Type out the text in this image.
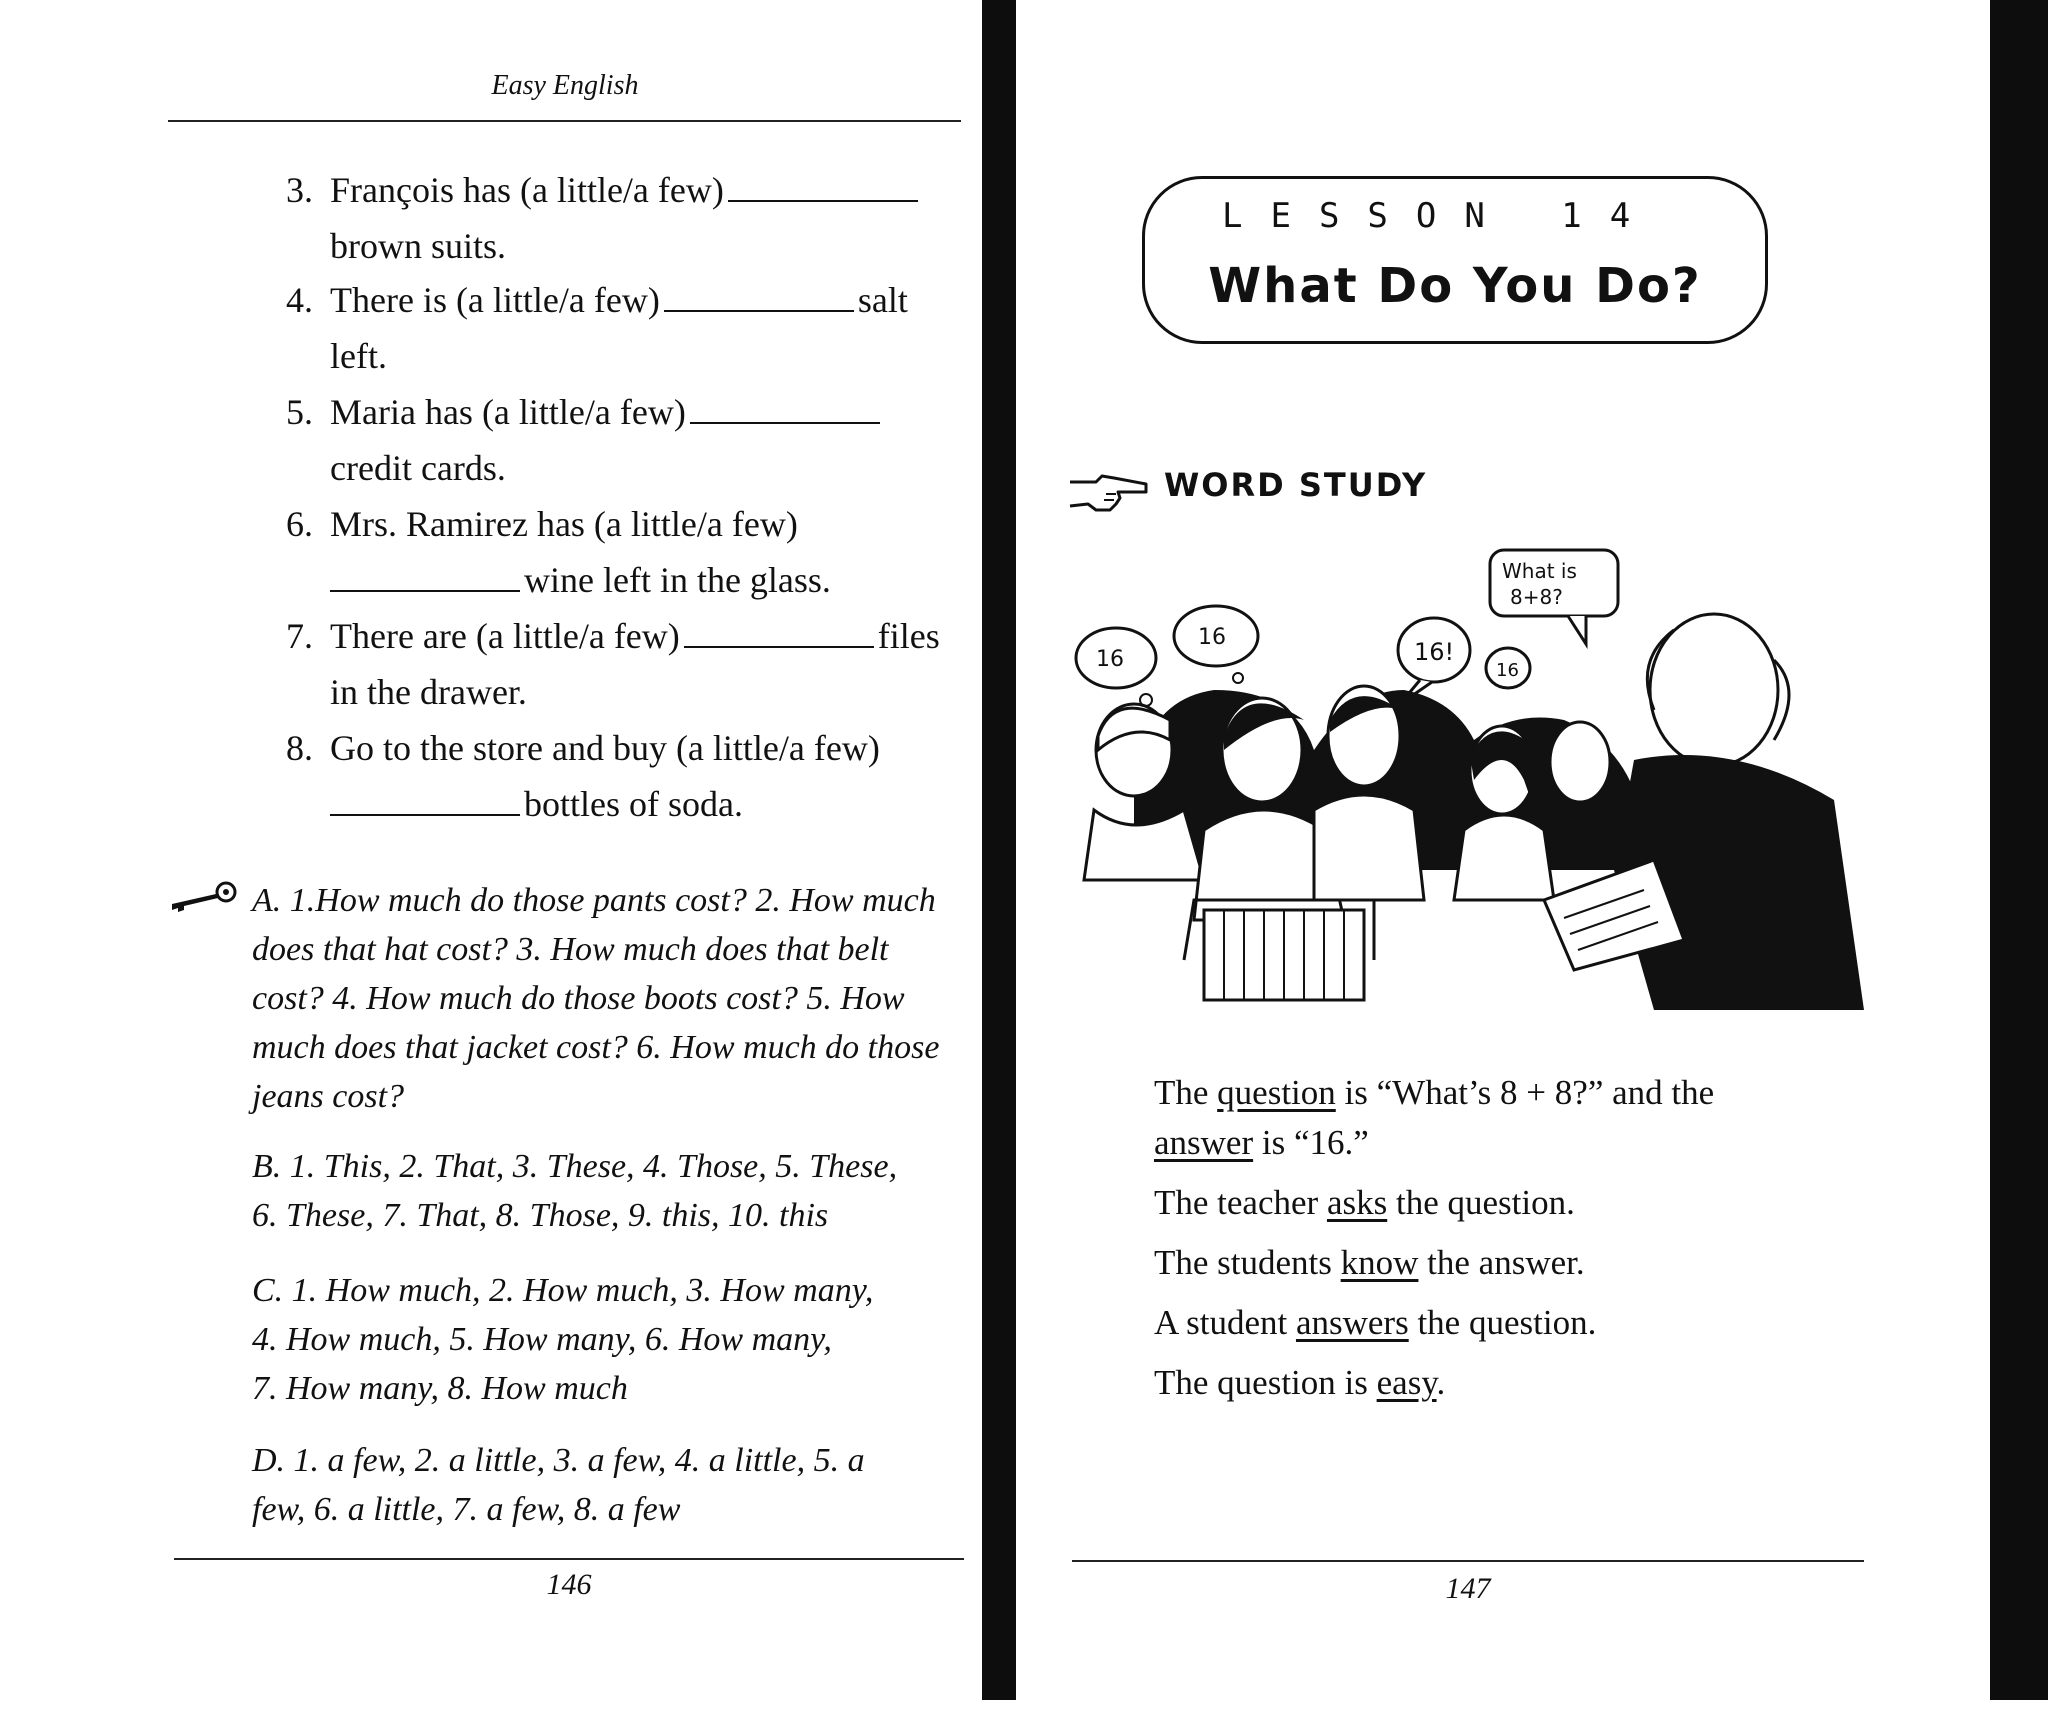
Easy English
3. François has (a little/a few)
brown suits.
4. There is (a little/a few)	salt
left.
5. Maria has (a little/a few)
credit cards.
6. Mrs. Ramirez has (a little/a few)
wine left in the glass.
7. There are (a little/a few)	files
in the drawer.
8. Go to the store and buy (a little/a few)
bottles of soda.
A. 1.How much do those pants cost? 2. How much
does that hat cost? 3. How much does that belt
cost? 4. How much do those boots cost? 5. How
much does that jacket cost? 6. How much do those
jeans cost?
B. 1. This, 2. That, 3. These, 4. Those, 5. These,
6. These, 7. That, 8. Those, 9. this, 10. this
C. 1. How much, 2. How much, 3. How many,
4. How much, 5. How many, 6. How many,
7. How many, 8. How much
D. 1. a few, 2. a little, 3. a few, 4. a little, 5. a
few, 6. a little, 7. a few, 8. a few
146
LESSON 14
What Do You Do?
WORD STUDY
What is
8+8?
16
16
16!
16
The question is “What’s 8 + 8?” and the
answer is “16.”
The teacher asks the question.
The students know the answer.
A student answers the question.
The question is easy.
147
